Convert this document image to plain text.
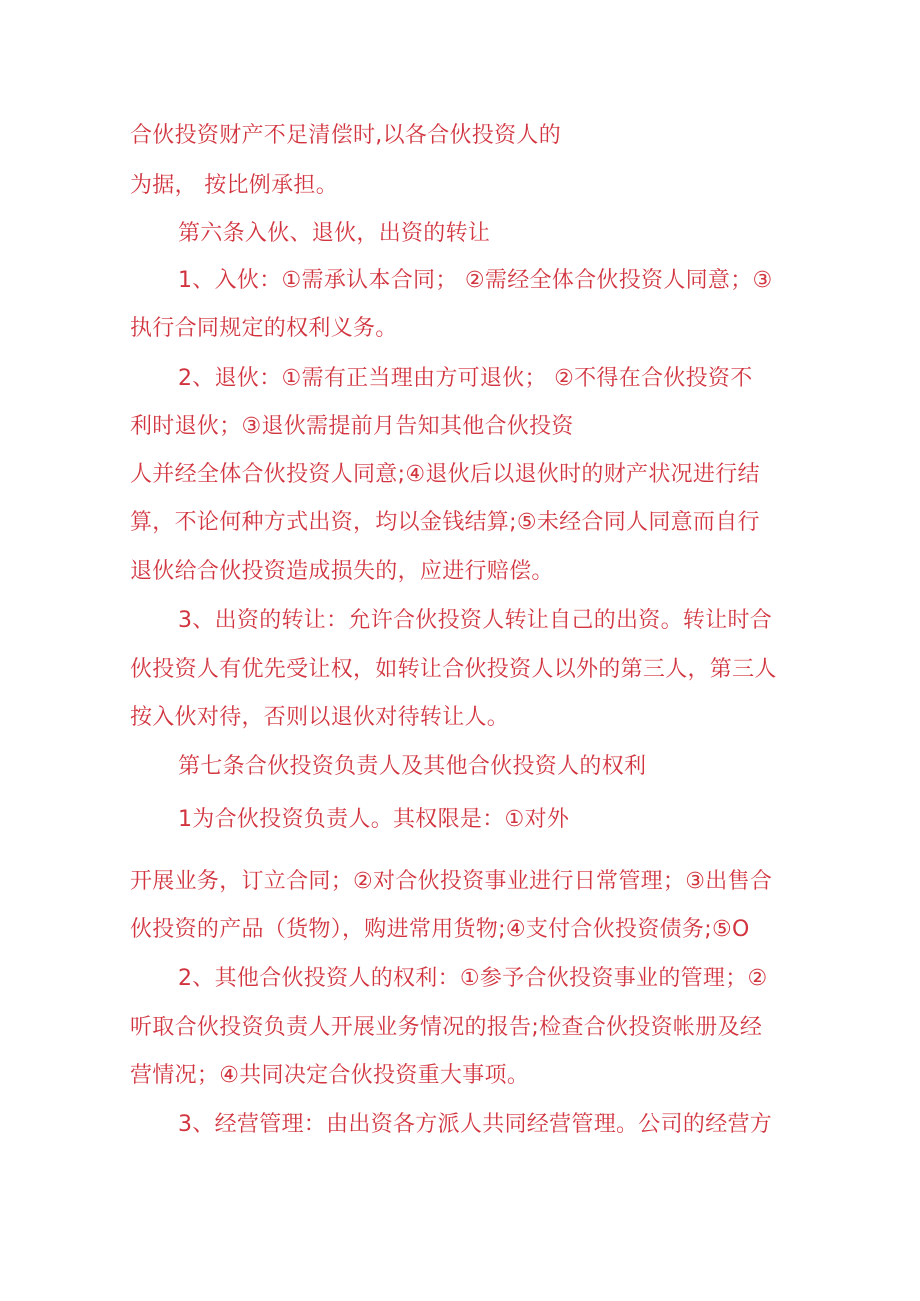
合伙投资财产不足清偿时,以各合伙投资人的

为据， 按比例承担。

第六条入伙、退伙，出资的转让

1、入伙：①需承认本合同； ②需经全体合伙投资人同意；③

执行合同规定的权利义务。

2、退伙：①需有正当理由方可退伙； ②不得在合伙投资不

利时退伙；③退伙需提前月告知其他合伙投资

人并经全体合伙投资人同意;④退伙后以退伙时的财产状况进行结

算，不论何种方式出资，均以金钱结算;⑤未经合同人同意而自行

退伙给合伙投资造成损失的，应进行赔偿。

3、出资的转让：允许合伙投资人转让自己的出资。转让时合

伙投资人有优先受让权，如转让合伙投资人以外的第三人，第三人

按入伙对待，否则以退伙对待转让人。

第七条合伙投资负责人及其他合伙投资人的权利

1为合伙投资负责人。其权限是：①对外

开展业务，订立合同；②对合伙投资事业进行日常管理；③出售合

伙投资的产品（货物），购进常用货物;④支付合伙投资债务;⑤O

2、其他合伙投资人的权利：①参予合伙投资事业的管理；②

听取合伙投资负责人开展业务情况的报告;检查合伙投资帐册及经

营情况；④共同决定合伙投资重大事项。

3、经营管理：由出资各方派人共同经营管理。公司的经营方
